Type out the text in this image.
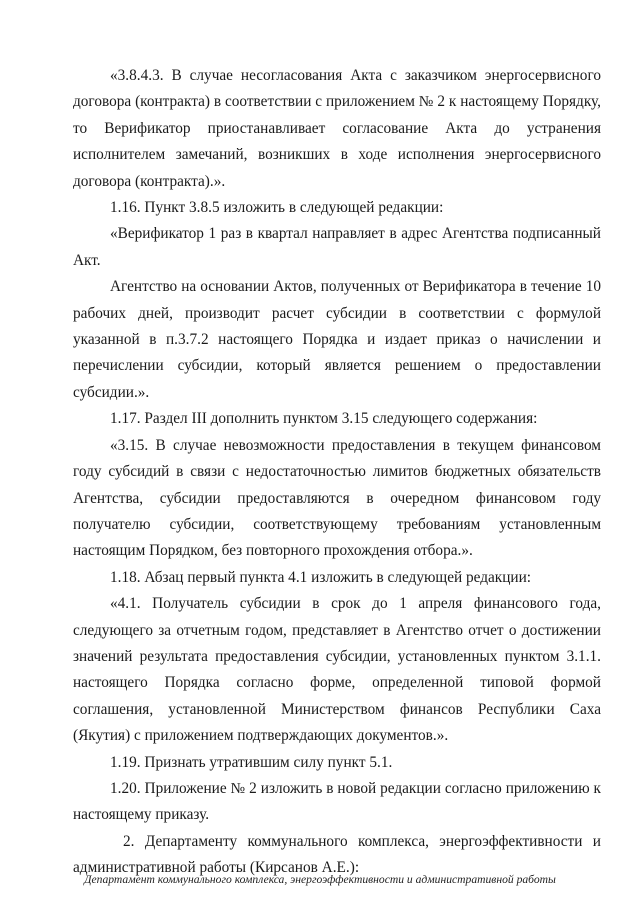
«3.8.4.3. В случае несогласования Акта с заказчиком энергосервисного договора (контракта) в соответствии с приложением № 2 к настоящему Порядку, то Верификатор приостанавливает согласование Акта до устранения исполнителем замечаний, возникших в ходе исполнения энергосервисного договора (контракта).».

1.16. Пункт 3.8.5 изложить в следующей редакции:

«Верификатор 1 раз в квартал направляет в адрес Агентства подписанный Акт.

Агентство на основании Актов, полученных от Верификатора в течение 10 рабочих дней, производит расчет субсидии в соответствии с формулой указанной в п.3.7.2 настоящего Порядка и издает приказ о начислении и перечислении субсидии, который является решением о предоставлении субсидии.».

1.17. Раздел III дополнить пунктом 3.15 следующего содержания:

«3.15. В случае невозможности предоставления в текущем финансовом году субсидий в связи с недостаточностью лимитов бюджетных обязательств Агентства, субсидии предоставляются в очередном финансовом году получателю субсидии, соответствующему требованиям установленным настоящим Порядком, без повторного прохождения отбора.».

1.18. Абзац первый пункта 4.1 изложить в следующей редакции:

«4.1. Получатель субсидии в срок до 1 апреля финансового года, следующего за отчетным годом, представляет в Агентство отчет о достижении значений результата предоставления субсидии, установленных пунктом 3.1.1. настоящего Порядка согласно форме, определенной типовой формой соглашения, установленной Министерством финансов Республики Саха (Якутия) с приложением подтверждающих документов.».

1.19. Признать утратившим силу пункт 5.1.

1.20. Приложение № 2 изложить в новой редакции согласно приложению к настоящему приказу.

2. Департаменту коммунального комплекса, энергоэффективности и административной работы (Кирсанов А.Е.):

Департамент коммунального комплекса, энергоэффективности и административной работы
